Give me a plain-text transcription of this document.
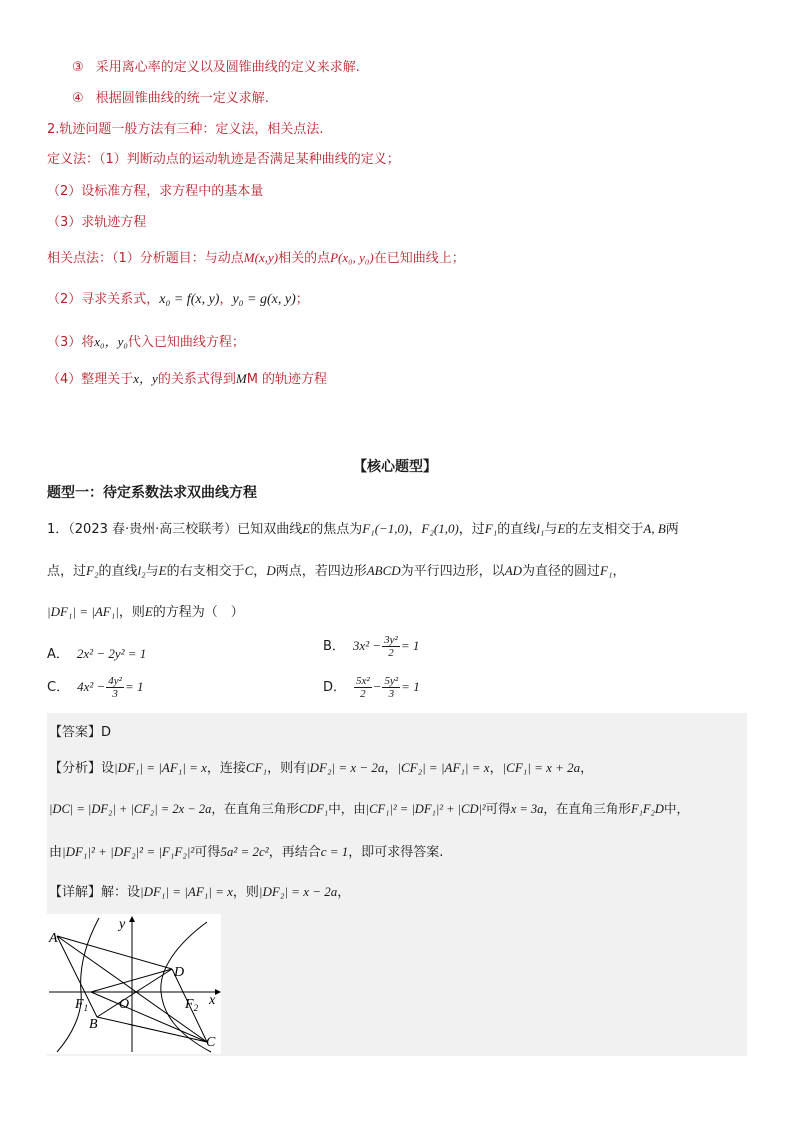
③ 采用离心率的定义以及圆锥曲线的定义来求解.
④ 根据圆锥曲线的统一定义求解.
2.轨迹问题一般方法有三种：定义法，相关点法.
定义法：（1）判断动点的运动轨迹是否满足某种曲线的定义；
（2）设标准方程，求方程中的基本量
（3）求轨迹方程
相关点法：（1）分析题目：与动点M(x,y)相关的点P(x₀, y₀)在已知曲线上；
（2）寻求关系式，x₀ = f(x, y)，y₀ = g(x, y)；
（3）将x₀，y₀代入已知曲线方程；
（4）整理关于x，y的关系式得到MM 的轨迹方程
【核心题型】
题型一：待定系数法求双曲线方程
1．（2023 春·贵州·高三校联考）已知双曲线E的焦点为F₁(−1,0)，F₂(1,0)，过F₁的直线l₁与E的左支相交于A, B两
点，过F₂的直线l₂与E的右支相交于C，D两点，若四边形ABCD为平行四边形，以AD为直径的圆过F₁，
|DF₁| = |AF₁|，则E的方程为（　）
A． 2x² − 2y² = 1	B． $3x^2 - \frac{\text{3y²}}{2} = 1$
C． $4x^2 - \frac{\text{4y²}}{3} = 1$	D． $\frac{\text{5x²}}{2} - \frac{\text{5y²}}{3} = 1$
【答案】D
【分析】设|DF₁| = |AF₁| = x，连接CF₁，则有|DF₂| = x − 2a，|CF₂| = |AF₁| = x，|CF₁| = x + 2a，
|DC| = |DF₂| + |CF₂| = 2x − 2a，在直角三角形CDF₁中，由|CF₁|² = |DF₁|² + |CD|²可得x = 3a，在直角三角形F₁F₂D中，
由|DF₁|² + |DF₂|² = |F₁F₂|²可得5a² = 2c²，再结合c = 1，即可求得答案.
【详解】解：设|DF₁| = |AF₁| = x，则|DF₂| = x − 2a，
A
B
C
D
$F_1$	$F_2$
O	x
y
